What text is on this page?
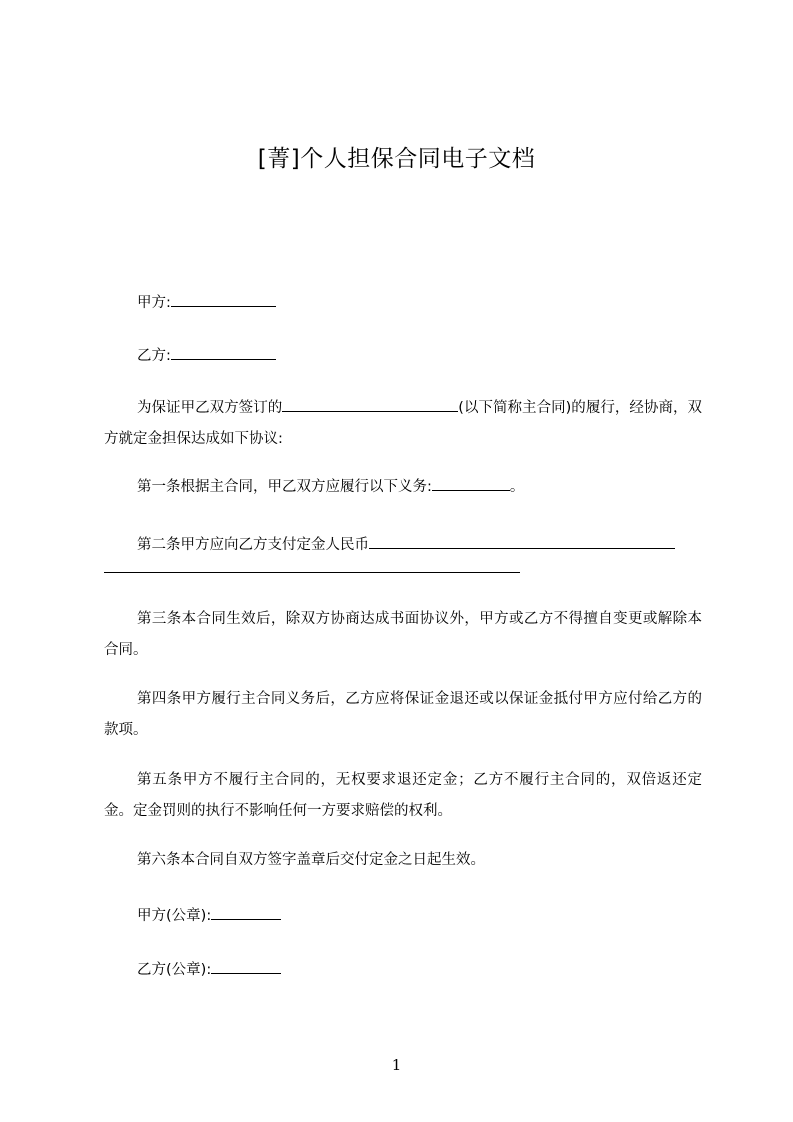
[菁]个人担保合同电子文档
甲方:
乙方:
为保证甲乙双方签订的	(以下简称主合同)的履行，经协商，双方就定金担保达成如下协议:
第一条根据主合同，甲乙双方应履行以下义务:	。
第二条甲方应向乙方支付定金人民币
第三条本合同生效后，除双方协商达成书面协议外，甲方或乙方不得擅自变更或解除本合同。
第四条甲方履行主合同义务后，乙方应将保证金退还或以保证金抵付甲方应付给乙方的款项。
第五条甲方不履行主合同的，无权要求退还定金；乙方不履行主合同的，双倍返还定金。定金罚则的执行不影响任何一方要求赔偿的权利。
第六条本合同自双方签字盖章后交付定金之日起生效。
甲方(公章):
乙方(公章):
1
